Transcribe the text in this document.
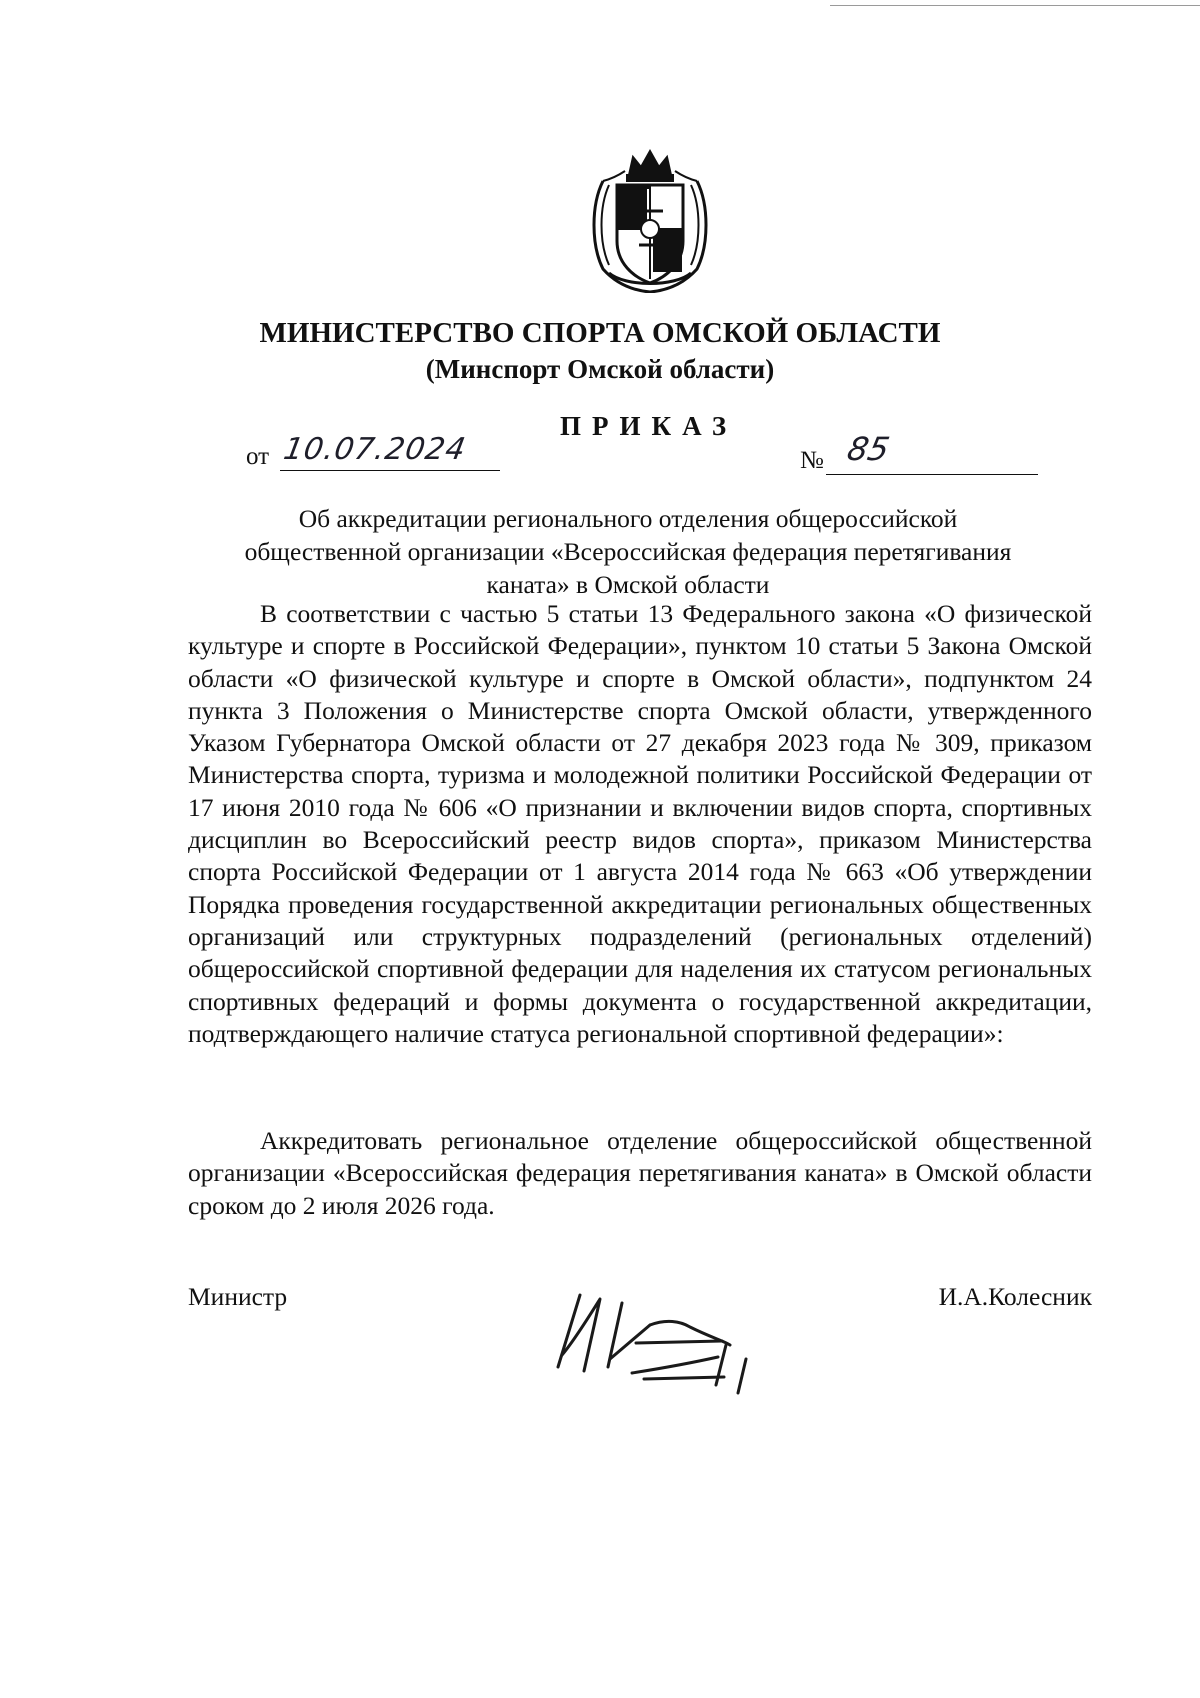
МИНИСТЕРСТВО СПОРТА ОМСКОЙ ОБЛАСТИ
(Минспорт Омской области)
ПРИКАЗ
от 10.07.2024	№ 85
Об аккредитации регионального отделения общероссийской общественной организации «Всероссийская федерация перетягивания каната» в Омской области
В соответствии с частью 5 статьи 13 Федерального закона «О физической культуре и спорте в Российской Федерации», пунктом 10 статьи 5 Закона Омской области «О физической культуре и спорте в Омской области», подпунктом 24 пункта 3 Положения о Министерстве спорта Омской области, утвержденного Указом Губернатора Омской области от 27 декабря 2023 года № 309, приказом Министерства спорта, туризма и молодежной политики Российской Федерации от 17 июня 2010 года № 606 «О признании и включении видов спорта, спортивных дисциплин во Всероссийский реестр видов спорта», приказом Министерства спорта Российской Федерации от 1 августа 2014 года № 663 «Об утверждении Порядка проведения государственной аккредитации региональных общественных организаций или структурных подразделений (региональных отделений) общероссийской спортивной федерации для наделения их статусом региональных спортивных федераций и формы документа о государственной аккредитации, подтверждающего наличие статуса региональной спортивной федерации»:
Аккредитовать региональное отделение общероссийской общественной организации «Всероссийская федерация перетягивания каната» в Омской области сроком до 2 июля 2026 года.
Министр	И.А.Колесник
